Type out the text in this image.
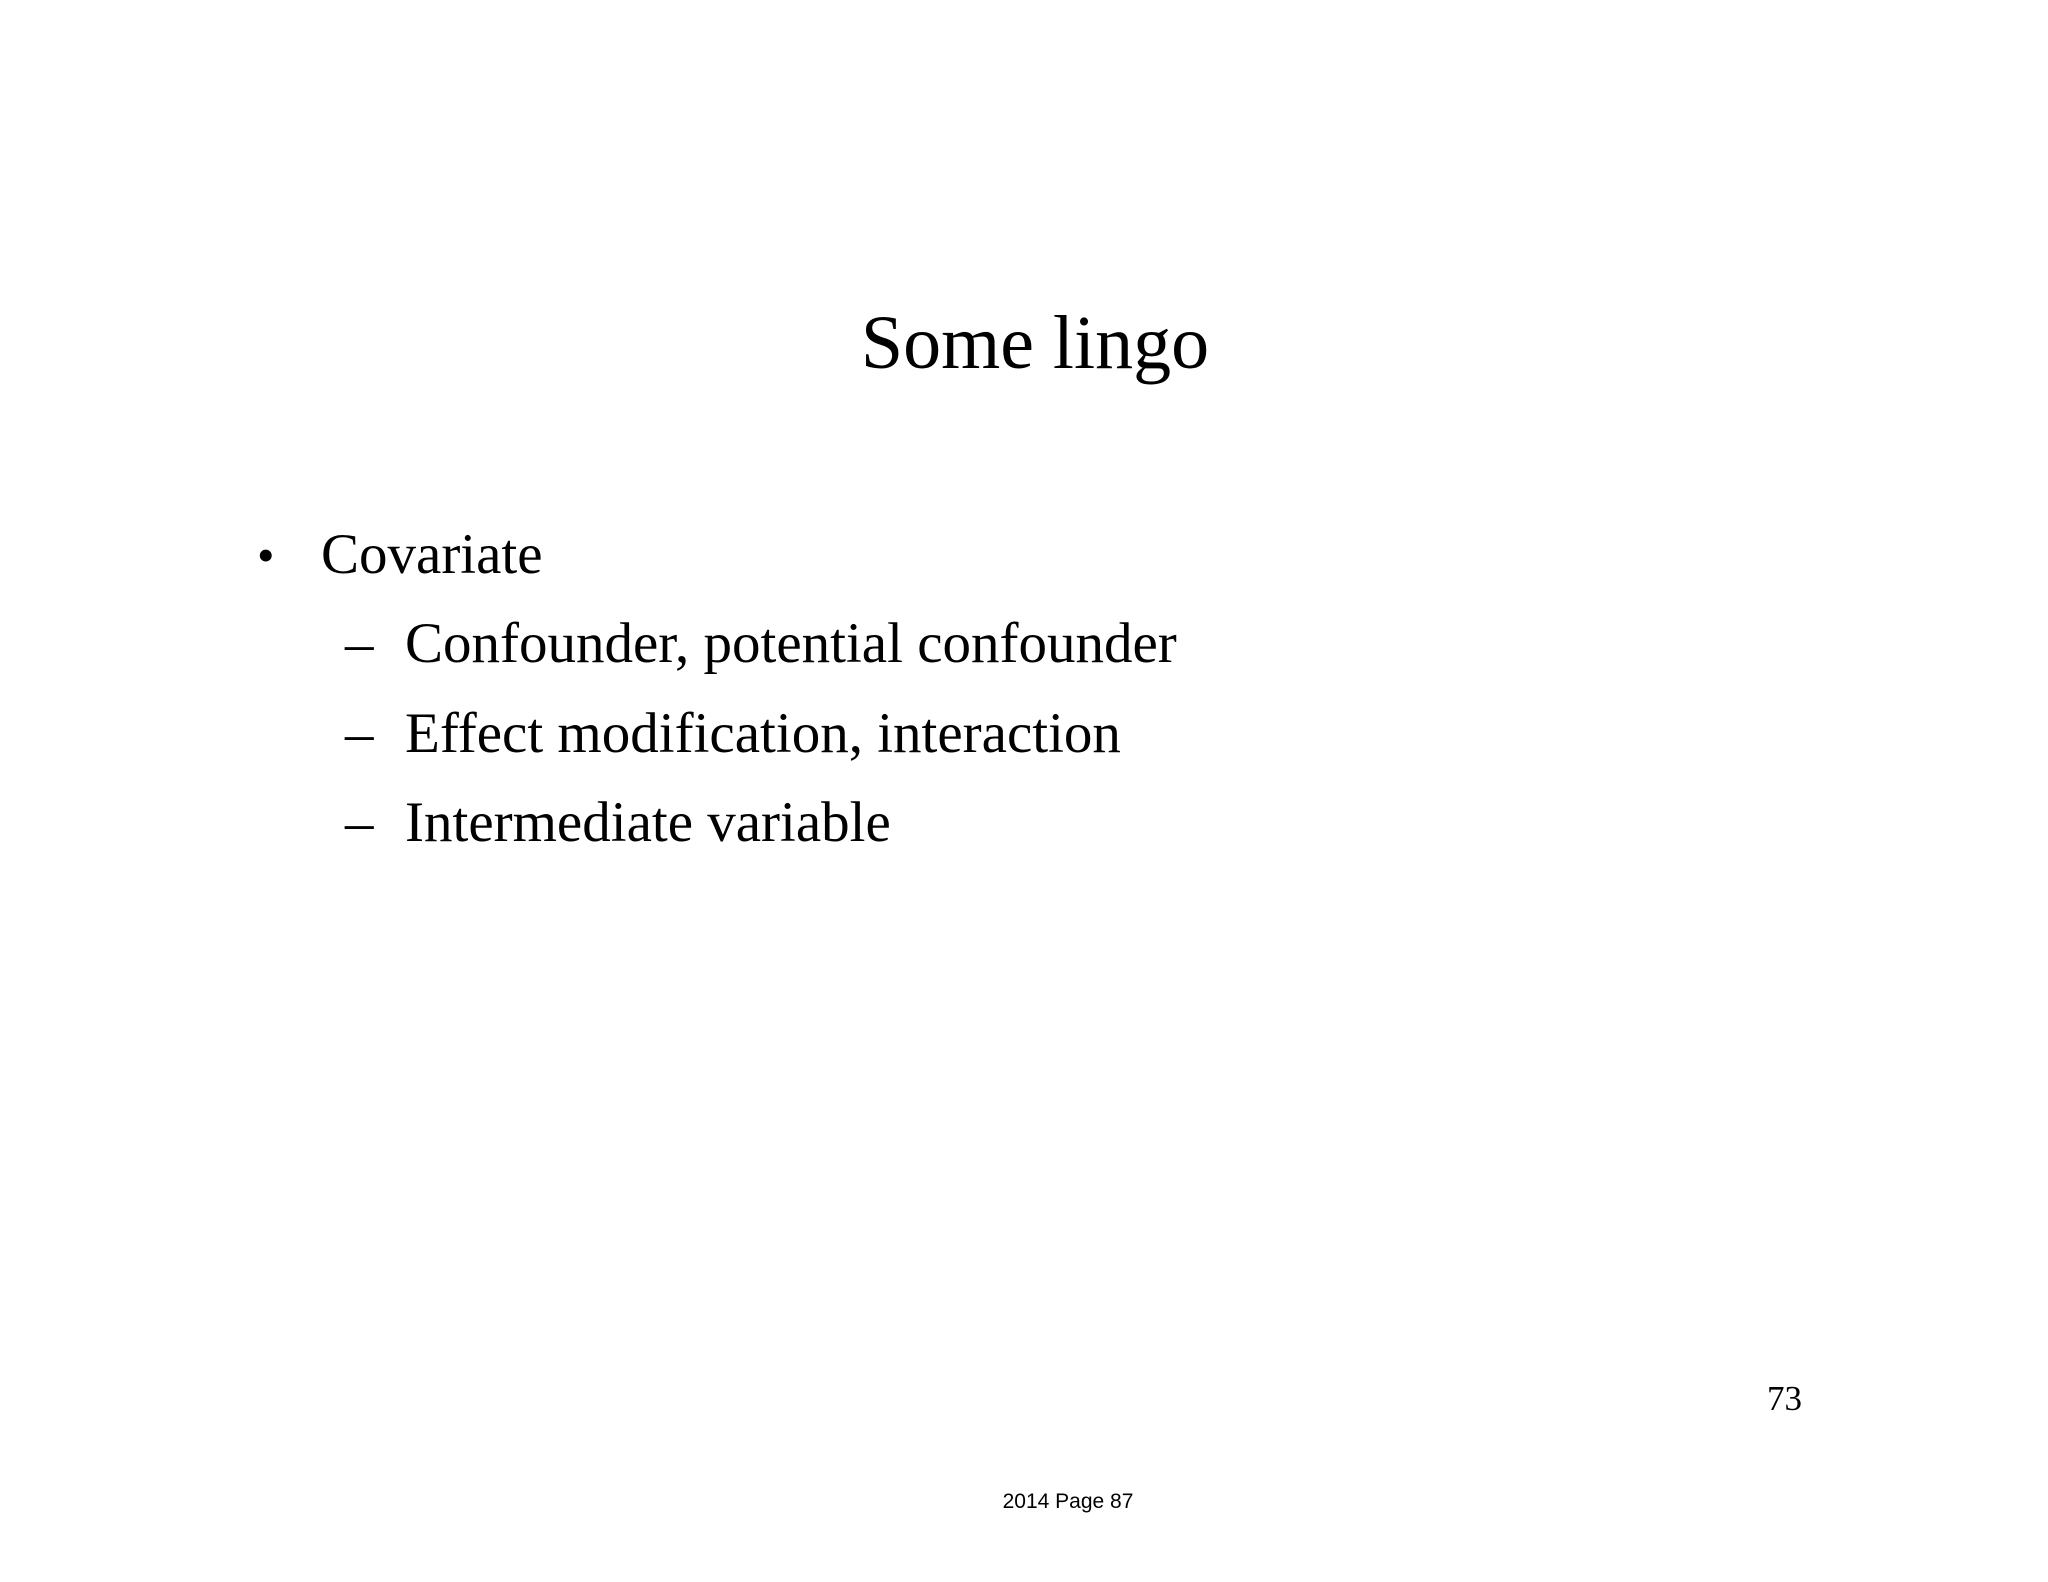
Some lingo
• Covariate
– Confounder, potential confounder
– Effect modification, interaction
– Intermediate variable
73
2014 Page 87
